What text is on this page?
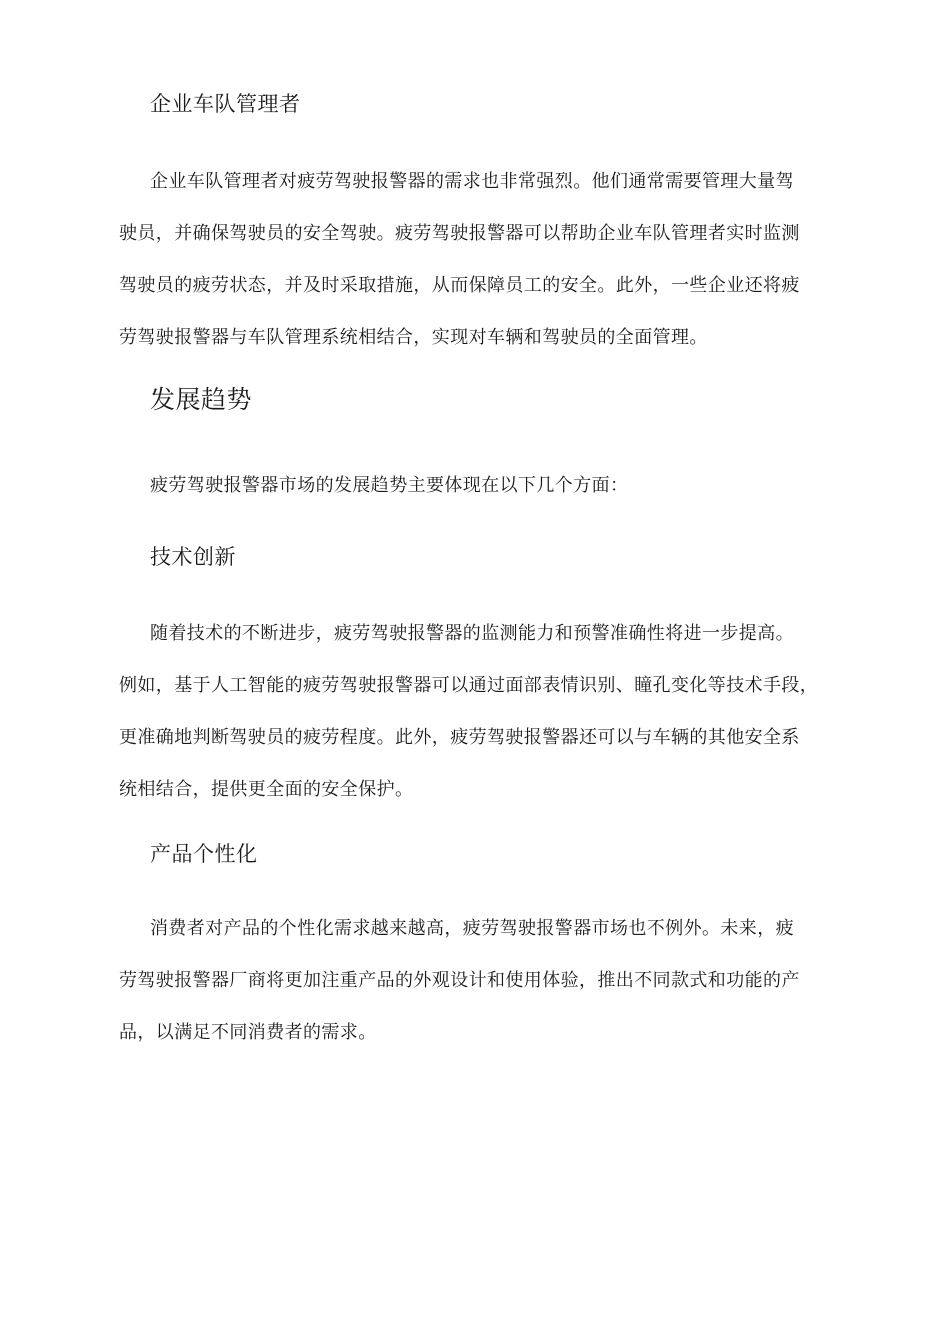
企业车队管理者
企业车队管理者对疲劳驾驶报警器的需求也非常强烈。他们通常需要管理大量驾
驶员，并确保驾驶员的安全驾驶。疲劳驾驶报警器可以帮助企业车队管理者实时监测
驾驶员的疲劳状态，并及时采取措施，从而保障员工的安全。此外，一些企业还将疲
劳驾驶报警器与车队管理系统相结合，实现对车辆和驾驶员的全面管理。
发展趋势
疲劳驾驶报警器市场的发展趋势主要体现在以下几个方面：
技术创新
随着技术的不断进步，疲劳驾驶报警器的监测能力和预警准确性将进一步提高。
例如，基于人工智能的疲劳驾驶报警器可以通过面部表情识别、瞳孔变化等技术手段，
更准确地判断驾驶员的疲劳程度。此外，疲劳驾驶报警器还可以与车辆的其他安全系
统相结合，提供更全面的安全保护。
产品个性化
消费者对产品的个性化需求越来越高，疲劳驾驶报警器市场也不例外。未来，疲
劳驾驶报警器厂商将更加注重产品的外观设计和使用体验，推出不同款式和功能的产
品，以满足不同消费者的需求。
